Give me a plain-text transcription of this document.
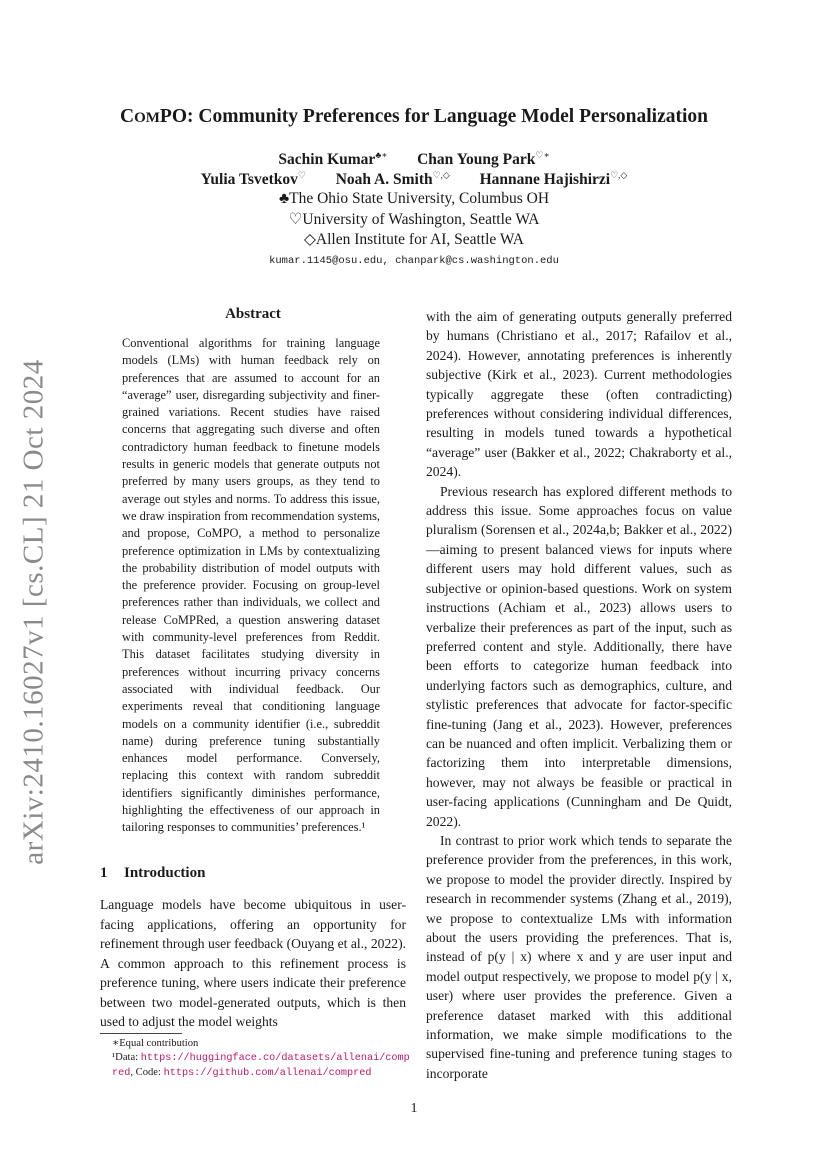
arXiv:2410.16027v1 [cs.CL] 21 Oct 2024
COMPO: Community Preferences for Language Model Personalization
Sachin Kumar♣∗ Chan Young Park♡∗
Yulia Tsvetkov♡ Noah A. Smith♡,◇ Hannane Hajishirzi♡,◇
♣The Ohio State University, Columbus OH
♡University of Washington, Seattle WA
◇Allen Institute for AI, Seattle WA
kumar.1145@osu.edu, chanpark@cs.washington.edu
Abstract
Conventional algorithms for training language models (LMs) with human feedback rely on preferences that are assumed to account for an “average” user, disregarding subjectivity and finer-grained variations. Recent studies have raised concerns that aggregating such diverse and often contradictory human feedback to finetune models results in generic models that generate outputs not preferred by many users groups, as they tend to average out styles and norms. To address this issue, we draw inspiration from recommendation systems, and propose, CoMPO, a method to personalize preference optimization in LMs by contextualizing the probability distribution of model outputs with the preference provider. Focusing on group-level preferences rather than individuals, we collect and release CoMPRed, a question answering dataset with community-level preferences from Reddit. This dataset facilitates studying diversity in preferences without incurring privacy concerns associated with individual feedback. Our experiments reveal that conditioning language models on a community identifier (i.e., subreddit name) during preference tuning substantially enhances model performance. Conversely, replacing this context with random subreddit identifiers significantly diminishes performance, highlighting the effectiveness of our approach in tailoring responses to communities’ preferences.¹
1 Introduction

Language models have become ubiquitous in user-facing applications, offering an opportunity for refinement through user feedback (Ouyang et al., 2022). A common approach to this refinement process is preference tuning, where users indicate their preference between two model-generated outputs, which is then used to adjust the model weights

∗Equal contribution
¹Data: https://huggingface.co/datasets/allenai/compred, Code: https://github.com/allenai/compred

with the aim of generating outputs generally preferred by humans (Christiano et al., 2017; Rafailov et al., 2024). However, annotating preferences is inherently subjective (Kirk et al., 2023). Current methodologies typically aggregate these (often contradicting) preferences without considering individual differences, resulting in models tuned towards a hypothetical “average” user (Bakker et al., 2022; Chakraborty et al., 2024).

Previous research has explored different methods to address this issue. Some approaches focus on value pluralism (Sorensen et al., 2024a,b; Bakker et al., 2022)—aiming to present balanced views for inputs where different users may hold different values, such as subjective or opinion-based questions. Work on system instructions (Achiam et al., 2023) allows users to verbalize their preferences as part of the input, such as preferred content and style. Additionally, there have been efforts to categorize human feedback into underlying factors such as demographics, culture, and stylistic preferences that advocate for factor-specific fine-tuning (Jang et al., 2023). However, preferences can be nuanced and often implicit. Verbalizing them or factorizing them into interpretable dimensions, however, may not always be feasible or practical in user-facing applications (Cunningham and De Quidt, 2022).

In contrast to prior work which tends to separate the preference provider from the preferences, in this work, we propose to model the provider directly. Inspired by research in recommender systems (Zhang et al., 2019), we propose to contextualize LMs with information about the users providing the preferences. That is, instead of p(y | x) where x and y are user input and model output respectively, we propose to model p(y | x, user) where user provides the preference. Given a preference dataset marked with this additional information, we make simple modifications to the supervised fine-tuning and preference tuning stages to incorporate

1
